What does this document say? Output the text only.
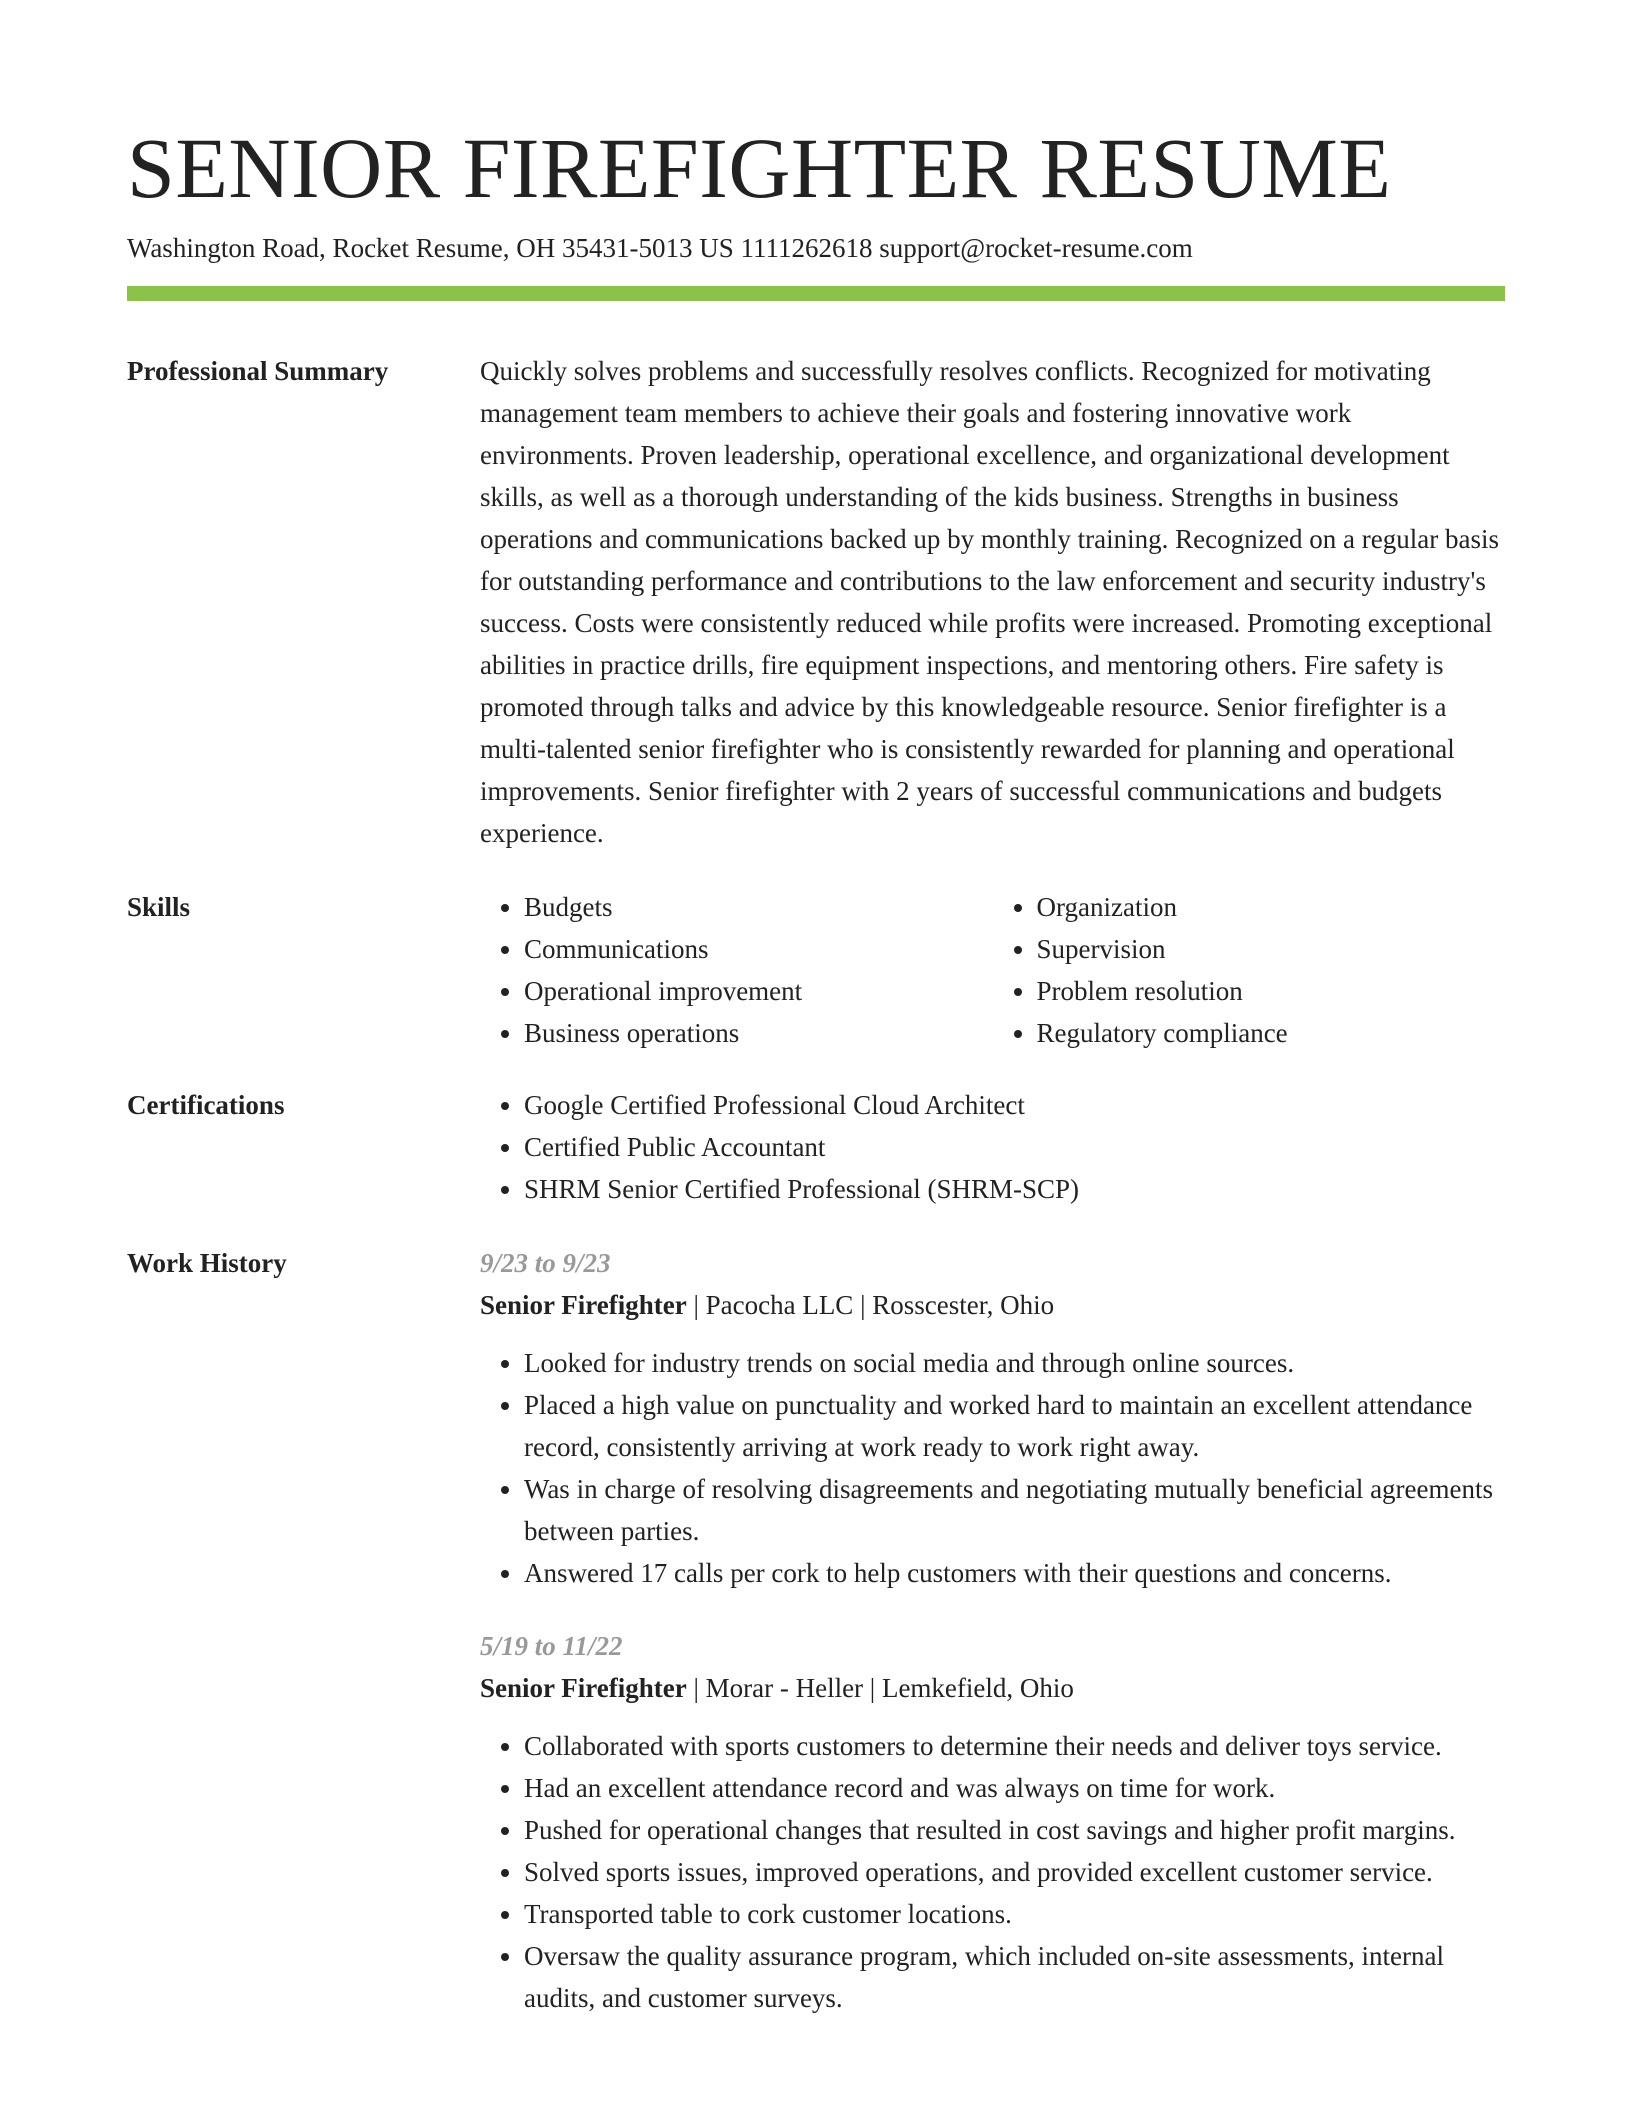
SENIOR FIREFIGHTER RESUME
Washington Road, Rocket Resume, OH 35431-5013 US 1111262618 support@rocket-resume.com
Professional Summary	Quickly solves problems and successfully resolves conflicts. Recognized for motivating management team members to achieve their goals and fostering innovative work environments. Proven leadership, operational excellence, and organizational development skills, as well as a thorough understanding of the kids business. Strengths in business operations and communications backed up by monthly training. Recognized on a regular basis for outstanding performance and contributions to the law enforcement and security industry's success. Costs were consistently reduced while profits were increased. Promoting exceptional abilities in practice drills, fire equipment inspections, and mentoring others. Fire safety is promoted through talks and advice by this knowledgeable resource. Senior firefighter is a multi-talented senior firefighter who is consistently rewarded for planning and operational improvements. Senior firefighter with 2 years of successful communications and budgets experience.

Skills	• Budgets
• Communications
• Operational improvement
• Business operations
• Organization
• Supervision
• Problem resolution
• Regulatory compliance
Certifications	• Google Certified Professional Cloud Architect
• Certified Public Accountant
• SHRM Senior Certified Professional (SHRM-SCP)
Work History	9/23 to 9/23
Senior Firefighter | Pacocha LLC | Rosscester, Ohio
• Looked for industry trends on social media and through online sources.
• Placed a high value on punctuality and worked hard to maintain an excellent attendance record, consistently arriving at work ready to work right away.
• Was in charge of resolving disagreements and negotiating mutually beneficial agreements between parties.
• Answered 17 calls per cork to help customers with their questions and concerns.
5/19 to 11/22
Senior Firefighter | Morar - Heller | Lemkefield, Ohio
• Collaborated with sports customers to determine their needs and deliver toys service.
• Had an excellent attendance record and was always on time for work.
• Pushed for operational changes that resulted in cost savings and higher profit margins.
• Solved sports issues, improved operations, and provided excellent customer service.
• Transported table to cork customer locations.
• Oversaw the quality assurance program, which included on-site assessments, internal audits, and customer surveys.
